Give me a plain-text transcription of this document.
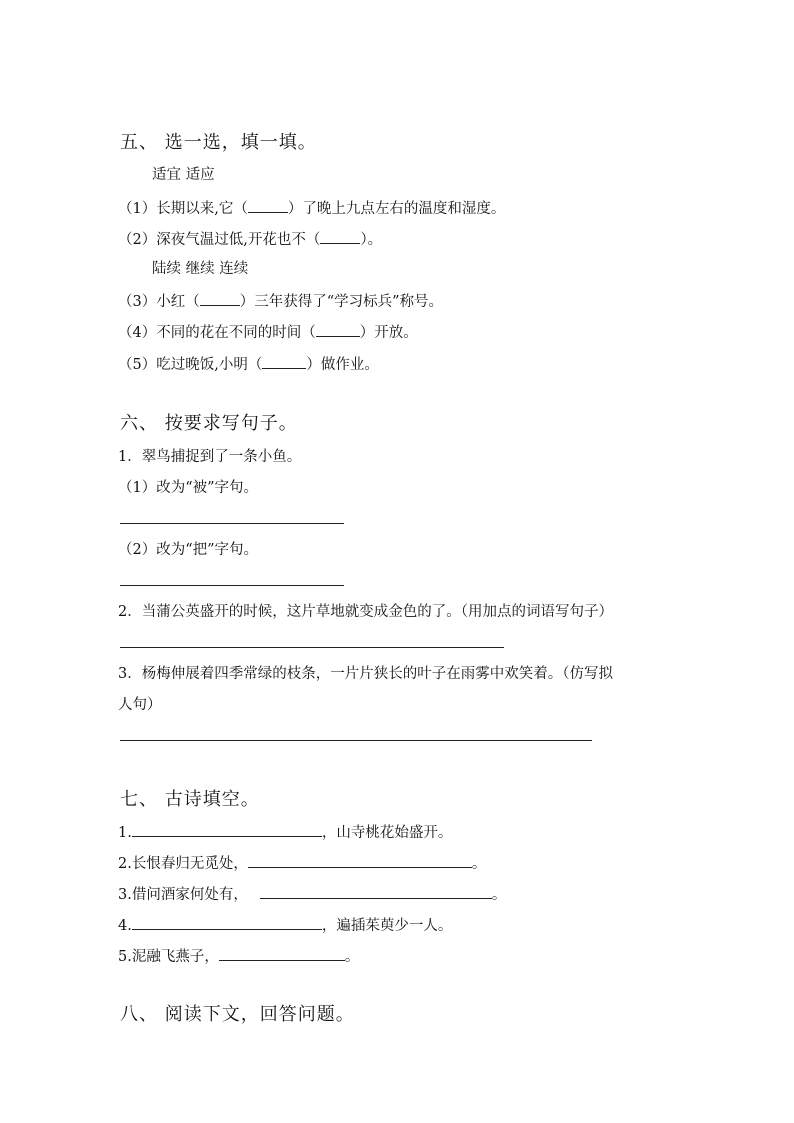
五、 选一选，填一填。
适宜 适应
（1）长期以来,它（	）了晚上九点左右的温度和湿度。
（2）深夜气温过低,开花也不（	）。
陆续 继续 连续
（3）小红（	）三年获得了“学习标兵”称号。
（4）不同的花在不同的时间（	）开放。
（5）吃过晚饭,小明（	）做作业。
六、 按要求写句子。
1．翠鸟捕捉到了一条小鱼。
（1）改为“被”字句。
（2）改为“把”字句。
2．当蒲公英盛开的时候，这片草地就变成金色的了。（用加点的词语写句子）
3．杨梅伸展着四季常绿的枝条，一片片狭长的叶子在雨雾中欢笑着。（仿写拟
人句）
七、 古诗填空。
1.	，山寺桃花始盛开。
2.长恨春归无觅处，	。
3.借问酒家何处有，	。
4.	，遍插茱萸少一人。
5.泥融飞燕子，	。
八、 阅读下文，回答问题。
